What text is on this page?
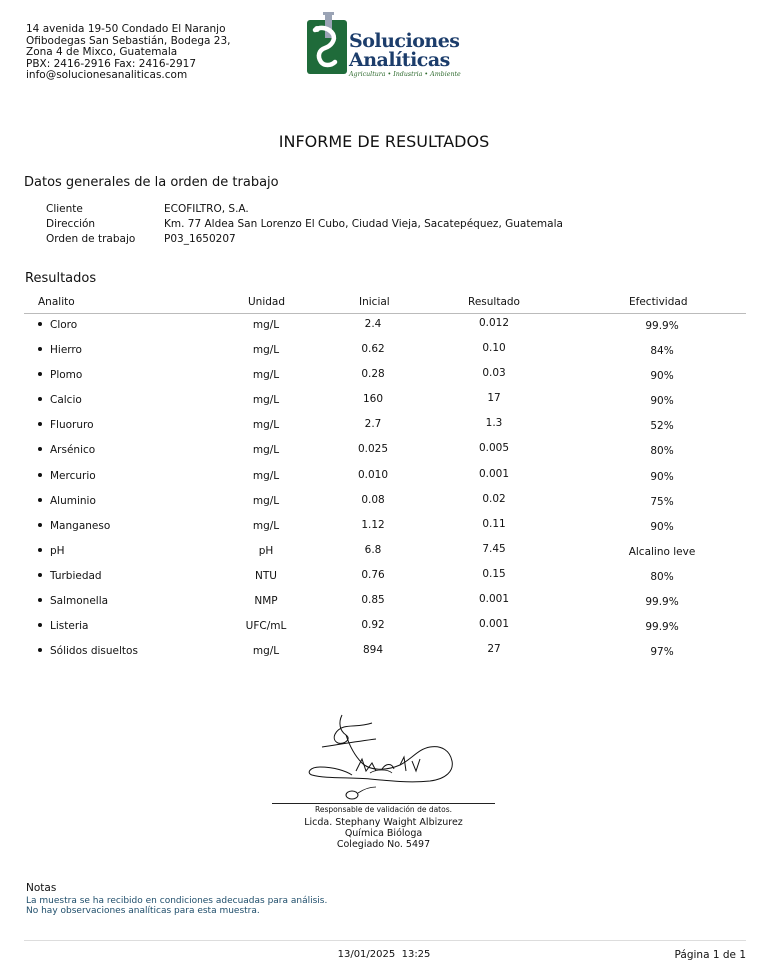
14 avenida 19-50 Condado El Naranjo
Ofibodegas San Sebastián, Bodega 23,
Zona 4 de Mixco, Guatemala
PBX: 2416-2916 Fax: 2416-2917
info@solucionesanaliticas.com
Soluciones
Analíticas
Agricultura • Industria • Ambiente
INFORME DE RESULTADOS
Datos generales de la orden de trabajo
Cliente	ECOFILTRO, S.A.
Dirección	Km. 77 Aldea San Lorenzo El Cubo, Ciudad Vieja, Sacatepéquez, Guatemala
Orden de trabajo	P03_1650207
Resultados
Analito	Unidad	Inicial	Resultado	Efectividad
Cloro	mg/L	2.4	0.012	99.9%
Hierro	mg/L	0.62	0.10	84%
Plomo	mg/L	0.28	0.03	90%
Calcio	mg/L	160	17	90%
Fluoruro	mg/L	2.7	1.3	52%
Arsénico	mg/L	0.025	0.005	80%
Mercurio	mg/L	0.010	0.001	90%
Aluminio	mg/L	0.08	0.02	75%
Manganeso	mg/L	1.12	0.11	90%
pH	pH	6.8	7.45	Alcalino leve
Turbiedad	NTU	0.76	0.15	80%
Salmonella	NMP	0.85	0.001	99.9%
Listeria	UFC/mL	0.92	0.001	99.9%
Sólidos disueltos	mg/L	894	27	97%
Responsable de validación de datos.
Licda. Stephany Waight Albizurez
Química Bióloga
Colegiado No. 5497
Notas
La muestra se ha recibido en condiciones adecuadas para análisis.
No hay observaciones analíticas para esta muestra.
13/01/2025  13:25	Página 1 de 1
